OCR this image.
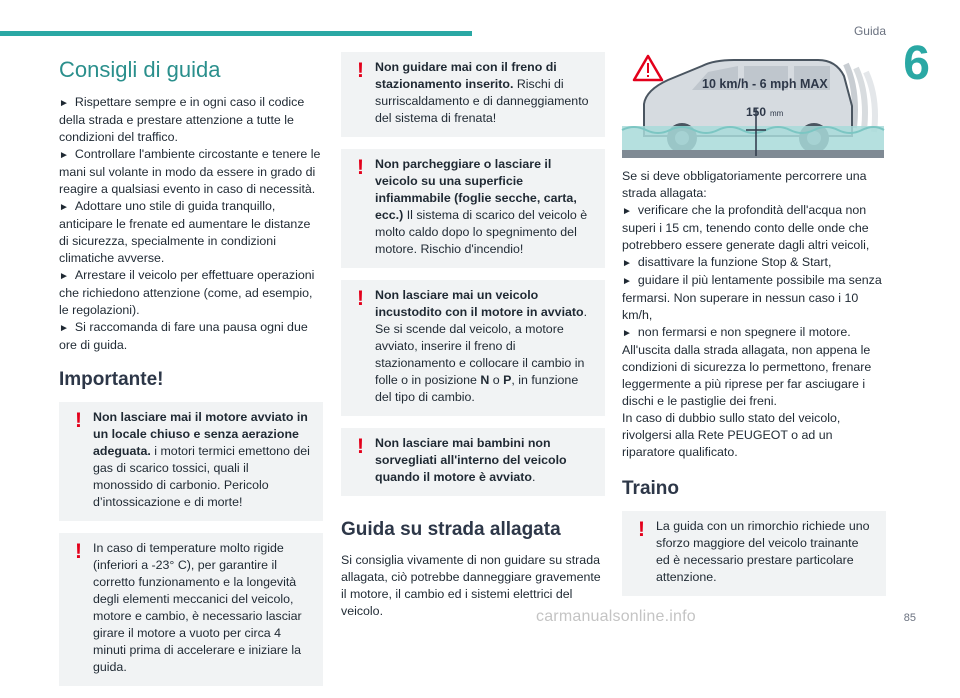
Guida
6
Consigli di guida

► Rispettare sempre e in ogni caso il codice della strada e prestare attenzione a tutte le condizioni del traffico.

► Controllare l'ambiente circostante e tenere le mani sul volante in modo da essere in grado di reagire a qualsiasi evento in caso di necessità.

► Adottare uno stile di guida tranquillo, anticipare le frenate ed aumentare le distanze di sicurezza, specialmente in condizioni climatiche avverse.

► Arrestare il veicolo per effettuare operazioni che richiedono attenzione (come, ad esempio, le regolazioni).

► Si raccomanda di fare una pausa ogni due ore di guida.

Importante!
! Non lasciare mai il motore avviato in un locale chiuso e senza aerazione adeguata. i motori termici emettono dei gas di scarico tossici, quali il monossido di carbonio. Pericolo d’intossicazione e di morte!

! In caso di temperature molto rigide (inferiori a -23° C), per garantire il corretto funzionamento e la longevità degli elementi meccanici del veicolo, motore e cambio, è necessario lasciar girare il motore a vuoto per circa 4 minuti prima di accelerare e iniziare la guida.

! Non guidare mai con il freno di stazionamento inserito. Rischi di surriscaldamento e di danneggiamento del sistema di frenata!

! Non parcheggiare o lasciare il veicolo su una superficie infiammabile (foglie secche, carta, ecc.) Il sistema di scarico del veicolo è molto caldo dopo lo spegnimento del motore. Rischio d'incendio!

! Non lasciare mai un veicolo incustodito con il motore in avviato. Se si scende dal veicolo, a motore avviato, inserire il freno di stazionamento e collocare il cambio in folle o in posizione N o P, in funzione del tipo di cambio.

! Non lasciare mai bambini non sorvegliati all'interno del veicolo quando il motore è avviato.

Guida su strada allagata

Si consiglia vivamente di non guidare su strada allagata, ciò potrebbe danneggiare gravemente il motore, il cambio ed i sistemi elettrici del veicolo.

10 km/h - 6 mph MAX
150 mm

Se si deve obbligatoriamente percorrere una strada allagata:

► verificare che la profondità dell'acqua non superi i 15 cm, tenendo conto delle onde che potrebbero essere generate dagli altri veicoli,

► disattivare la funzione Stop & Start,

► guidare il più lentamente possibile ma senza fermarsi. Non superare in nessun caso i 10 km/h,

► non fermarsi e non spegnere il motore.

All'uscita dalla strada allagata, non appena le condizioni di sicurezza lo permettono, frenare leggermente a più riprese per far asciugare i dischi e le pastiglie dei freni.

In caso di dubbio sullo stato del veicolo, rivolgersi alla Rete PEUGEOT o ad un riparatore qualificato.

Traino
! La guida con un rimorchio richiede uno sforzo maggiore del veicolo trainante ed è necessario prestare particolare attenzione.

carmanualsonline.info	85
